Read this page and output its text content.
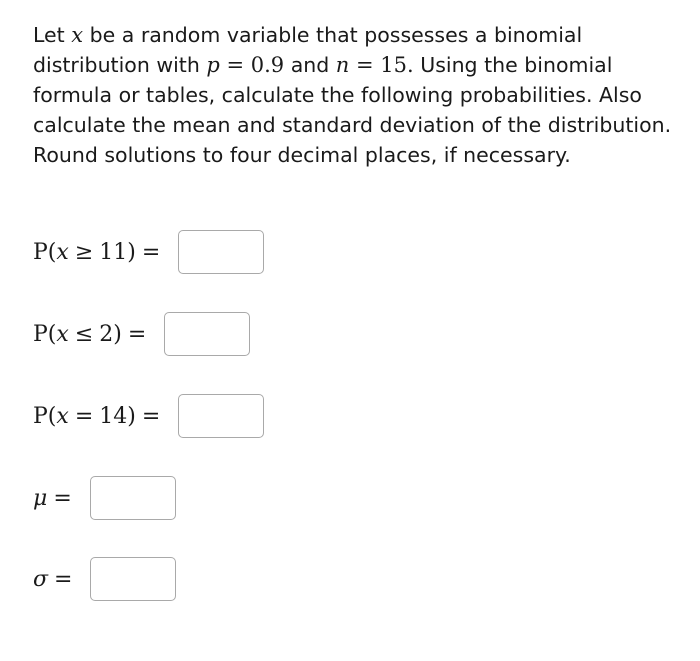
Let x be a random variable that possesses a binomial distribution with p = 0.9 and n = 15. Using the binomial formula or tables, calculate the following probabilities. Also calculate the mean and standard deviation of the distribution. Round solutions to four decimal places, if necessary.
P(x ≥ 11) =
P(x ≤ 2) =
P(x = 14) =
μ =
σ =
